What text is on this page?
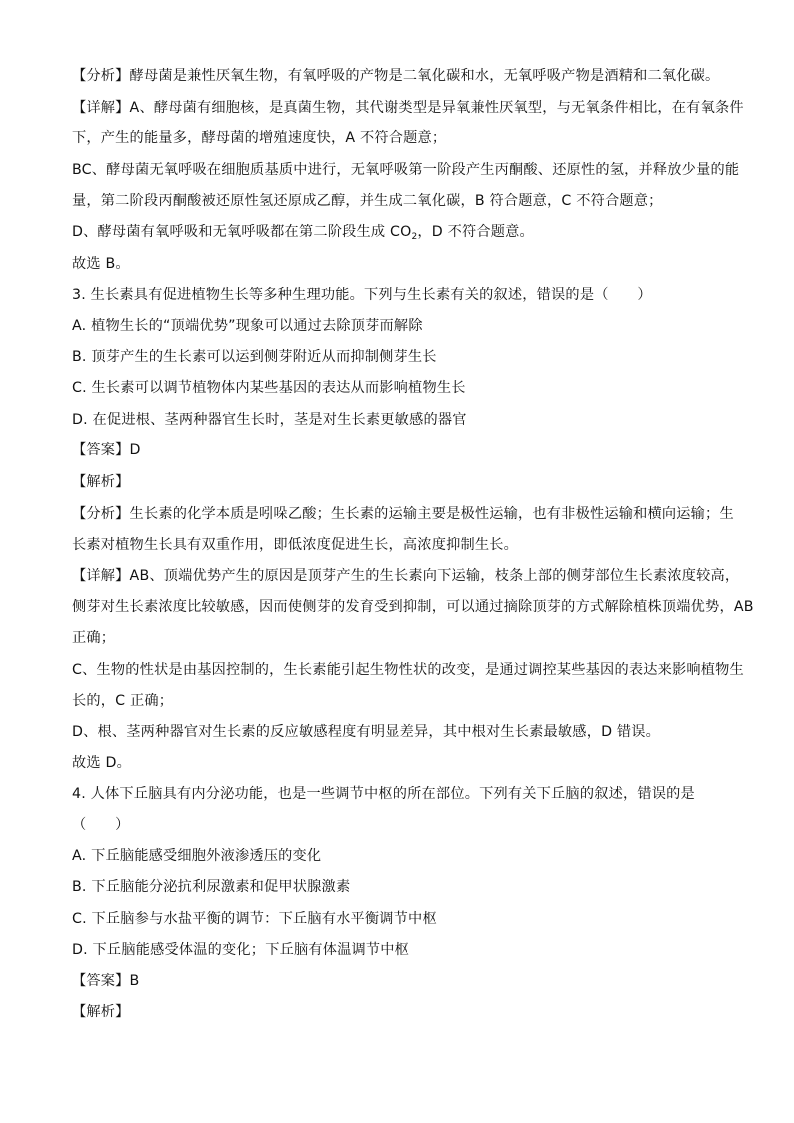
【分析】酵母菌是兼性厌氧生物，有氧呼吸的产物是二氧化碳和水，无氧呼吸产物是酒精和二氧化碳。
【详解】A、酵母菌有细胞核，是真菌生物，其代谢类型是异氧兼性厌氧型，与无氧条件相比，在有氧条件
下，产生的能量多，酵母菌的增殖速度快，A 不符合题意；
BC、酵母菌无氧呼吸在细胞质基质中进行，无氧呼吸第一阶段产生丙酮酸、还原性的氢，并释放少量的能
量，第二阶段丙酮酸被还原性氢还原成乙醇，并生成二氧化碳，B 符合题意，C 不符合题意；
D、酵母菌有氧呼吸和无氧呼吸都在第二阶段生成 $CO_2$，D 不符合题意。
故选 B。
3. 生长素具有促进植物生长等多种生理功能。下列与生长素有关的叙述，错误的是（　　）
A. 植物生长的“顶端优势”现象可以通过去除顶芽而解除
B. 顶芽产生的生长素可以运到侧芽附近从而抑制侧芽生长
C. 生长素可以调节植物体内某些基因的表达从而影响植物生长
D. 在促进根、茎两种器官生长时，茎是对生长素更敏感的器官
【答案】D
【解析】
【分析】生长素的化学本质是吲哚乙酸；生长素的运输主要是极性运输，也有非极性运输和横向运输；生
长素对植物生长具有双重作用，即低浓度促进生长，高浓度抑制生长。
【详解】AB、顶端优势产生的原因是顶芽产生的生长素向下运输，枝条上部的侧芽部位生长素浓度较高，
侧芽对生长素浓度比较敏感，因而使侧芽的发育受到抑制，可以通过摘除顶芽的方式解除植株顶端优势，AB
正确；
C、生物的性状是由基因控制的，生长素能引起生物性状的改变，是通过调控某些基因的表达来影响植物生
长的，C 正确；
D、根、茎两种器官对生长素的反应敏感程度有明显差异，其中根对生长素最敏感，D 错误。
故选 D。
4. 人体下丘脑具有内分泌功能，也是一些调节中枢的所在部位。下列有关下丘脑的叙述，错误的是
（　　）
A. 下丘脑能感受细胞外液渗透压的变化
B. 下丘脑能分泌抗利尿激素和促甲状腺激素
C. 下丘脑参与水盐平衡的调节：下丘脑有水平衡调节中枢
D. 下丘脑能感受体温的变化；下丘脑有体温调节中枢
【答案】B
【解析】
